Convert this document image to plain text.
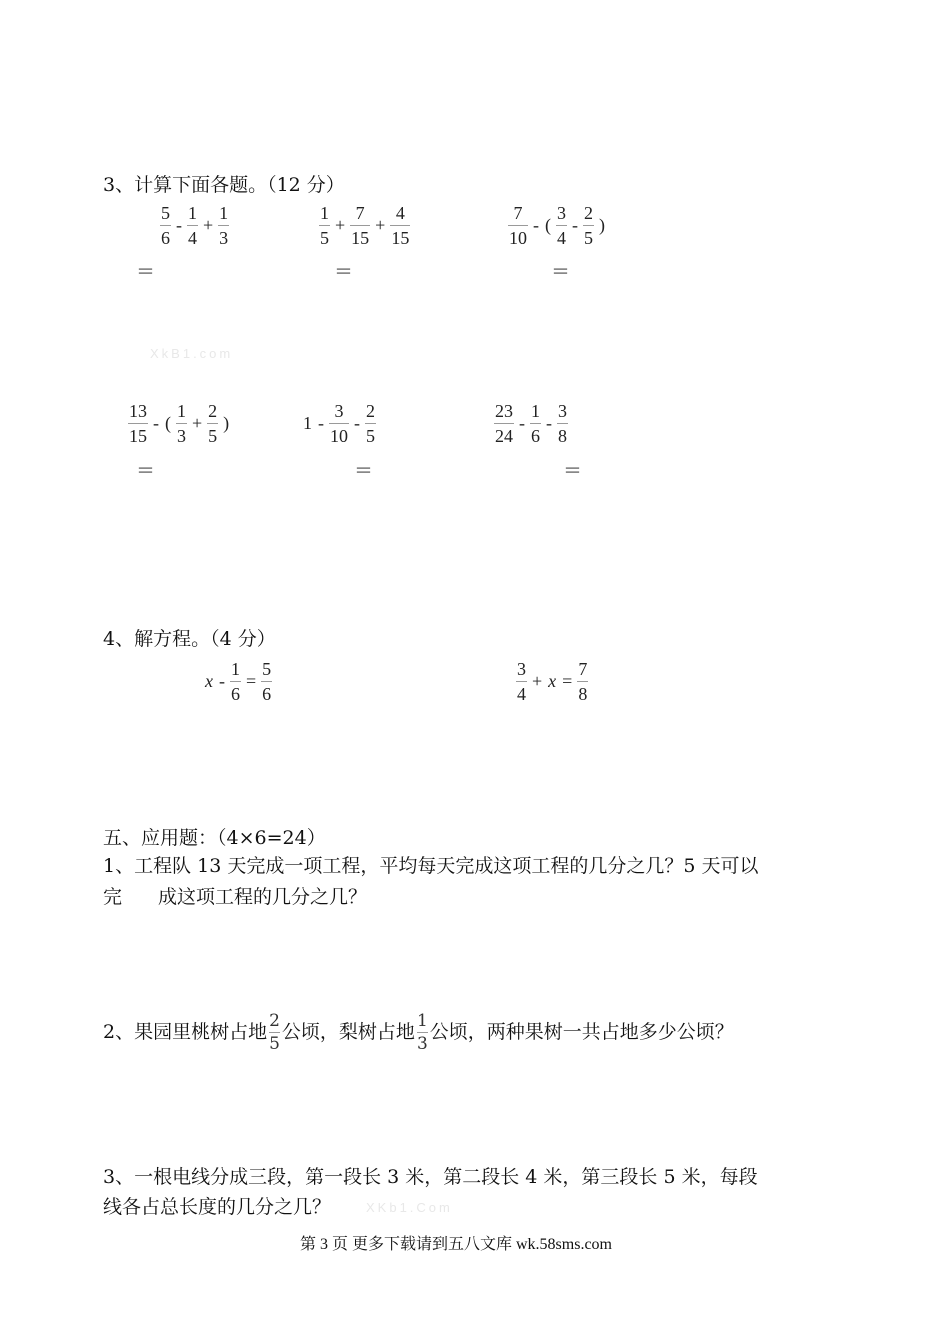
3、计算下面各题。（12 分）
$\frac{5}{6} - \frac{1}{4} + \frac{1}{3}$
＝
$\frac{1}{5} + \frac{7}{15} + \frac{4}{15}$
＝
$\frac{7}{10}$ - ( $\frac{3}{4} - \frac{2}{5}$ )
＝
XkB1.com
$\frac{13}{15}$ - ( $\frac{1}{3} + \frac{2}{5}$ )
＝
$1 - \frac{3}{10} - \frac{2}{5}$
＝
$\frac{23}{24} - \frac{1}{6} - \frac{3}{8}$
＝
4、解方程。（4 分）
$x - \frac{1}{6} = \frac{5}{6}$	$\frac{3}{4} + x = \frac{7}{8}$
五、应用题：（4×6=24）
1、工程队 13 天完成一项工程，平均每天完成这项工程的几分之几？5 天可以
完 成这项工程的几分之几？
2、果园里桃树占地 $\frac{2}{5}$ 公顷，梨树占地 $\frac{1}{3}$ 公顷，两种果树一共占地多少公顷？
3、一根电线分成三段，第一段长 3 米，第二段长 4 米，第三段长 5 米，每段
线各占总长度的几分之几？	XKb1.Com
第 3 页 更多下载请到五八文库 wk.58sms.com
